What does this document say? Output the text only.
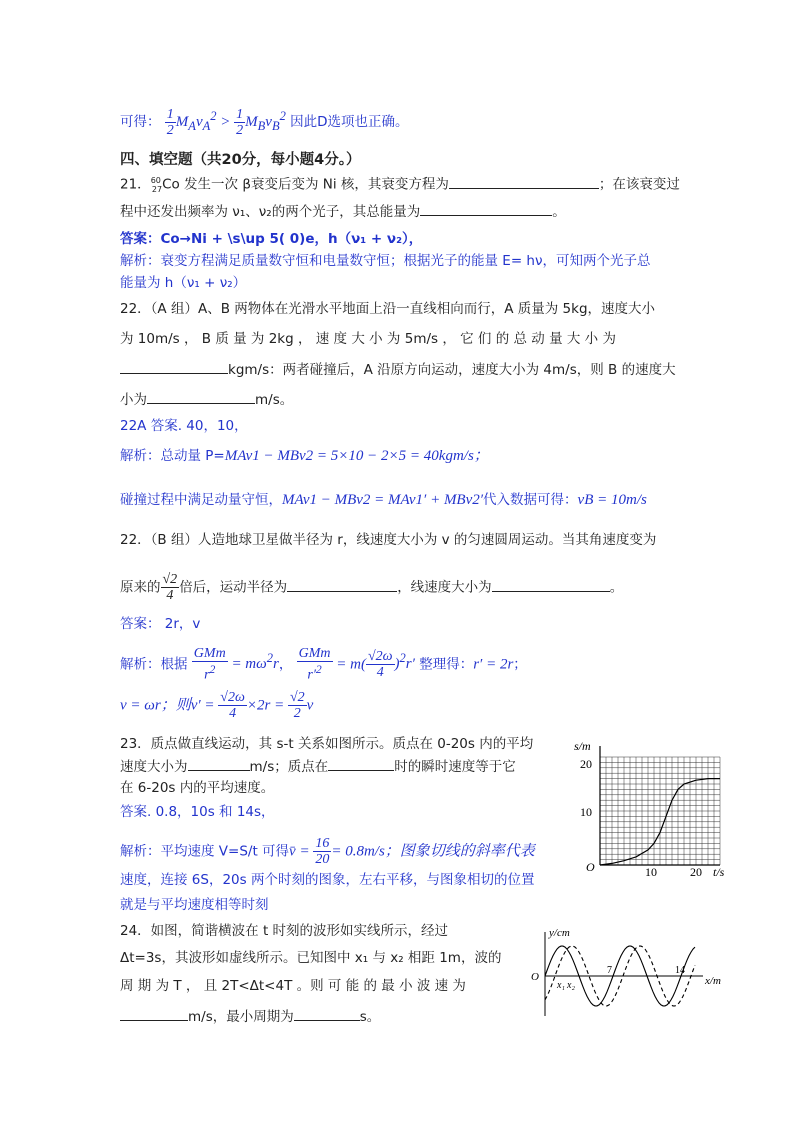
可得： $\frac{1}{2} M_Av_A^2 > \frac{1}{2} M_Bv_B^2$ 因此D选项也正确。
四、填空题（共20分，每小题4分。）
21．$^{60}_{27}$Co 发生一次 β衰变后变为 Ni 核，其衰变方程为	；在该衰变过
程中还发出频率为 ν₁、ν₂的两个光子，其总能量为	。
答案：Co→Ni + \s\up 5( 0)e，h（ν₁ + ν₂），
解析：衰变方程满足质量数守恒和电量数守恒；根据光子的能量 E= hν，可知两个光子总
能量为 h（ν₁ + ν₂）
22．（A 组）A、B 两物体在光滑水平地面上沿一直线相向而行，A 质量为 5kg，速度大小
为 10m/s ， B 质 量 为 2kg ， 速 度 大 小 为 5m/s ， 它 们 的 总 动 量 大 小 为
kgm/s：两者碰撞后，A 沿原方向运动，速度大小为 4m/s，则 B 的速度大
小为	m/s。
22A 答案. 40，10，
解析：总动量 P=MAv1 − MBv2 = 5×10 − 2×5 = 40kgm/s；
碰撞过程中满足动量守恒，MAv1 − MBv2 = MAv1′ + MBv2′代入数据可得：vB = 10m/s
22．（B 组）人造地球卫星做半径为 r，线速度大小为 v 的匀速圆周运动。当其角速度变为
原来的 $\frac{√2}{4}$ 倍后，运动半径为	，线速度大小为	。
答案： 2r，v
解析：根据 $\frac{\text{GMm}}{r^2} = m\omega^2r$， $\frac{\text{GMm}}{r'^2} = m( \frac{√2\omega}{4} )^2r'$ 整理得：r′ = 2r；
v = ωr；则$v' = \frac{√2\omega}{4} \times 2r = \frac{√2}{2}$ v
23．质点做直线运动，其 s-t 关系如图所示。质点在 0-20s 内的平均
速度大小为	m/s；质点在	时的瞬时速度等于它
在 6-20s 内的平均速度。
答案. 0.8，10s 和 14s，
解析：平均速度 V=S/t 可得v̄ = $\frac{16}{20} = 0.8m/s$；图象切线的斜率代表
速度，连接 6S，20s 两个时刻的图象，左右平移，与图象相切的位置
就是与平均速度相等时刻
24．如图，简谐横波在 t 时刻的波形如实线所示，经过
Δt=3s，其波形如虚线所示。已知图中 x₁ 与 x₂ 相距 1m，波的
周 期 为 T ， 且 2T<Δt<4T 。则 可 能 的 最 小 波 速 为
m/s，最小周期为	s。
s/m
20
10
O	10	20 t/s
y/cm
O
x₁ x₂
7	14
x/m
